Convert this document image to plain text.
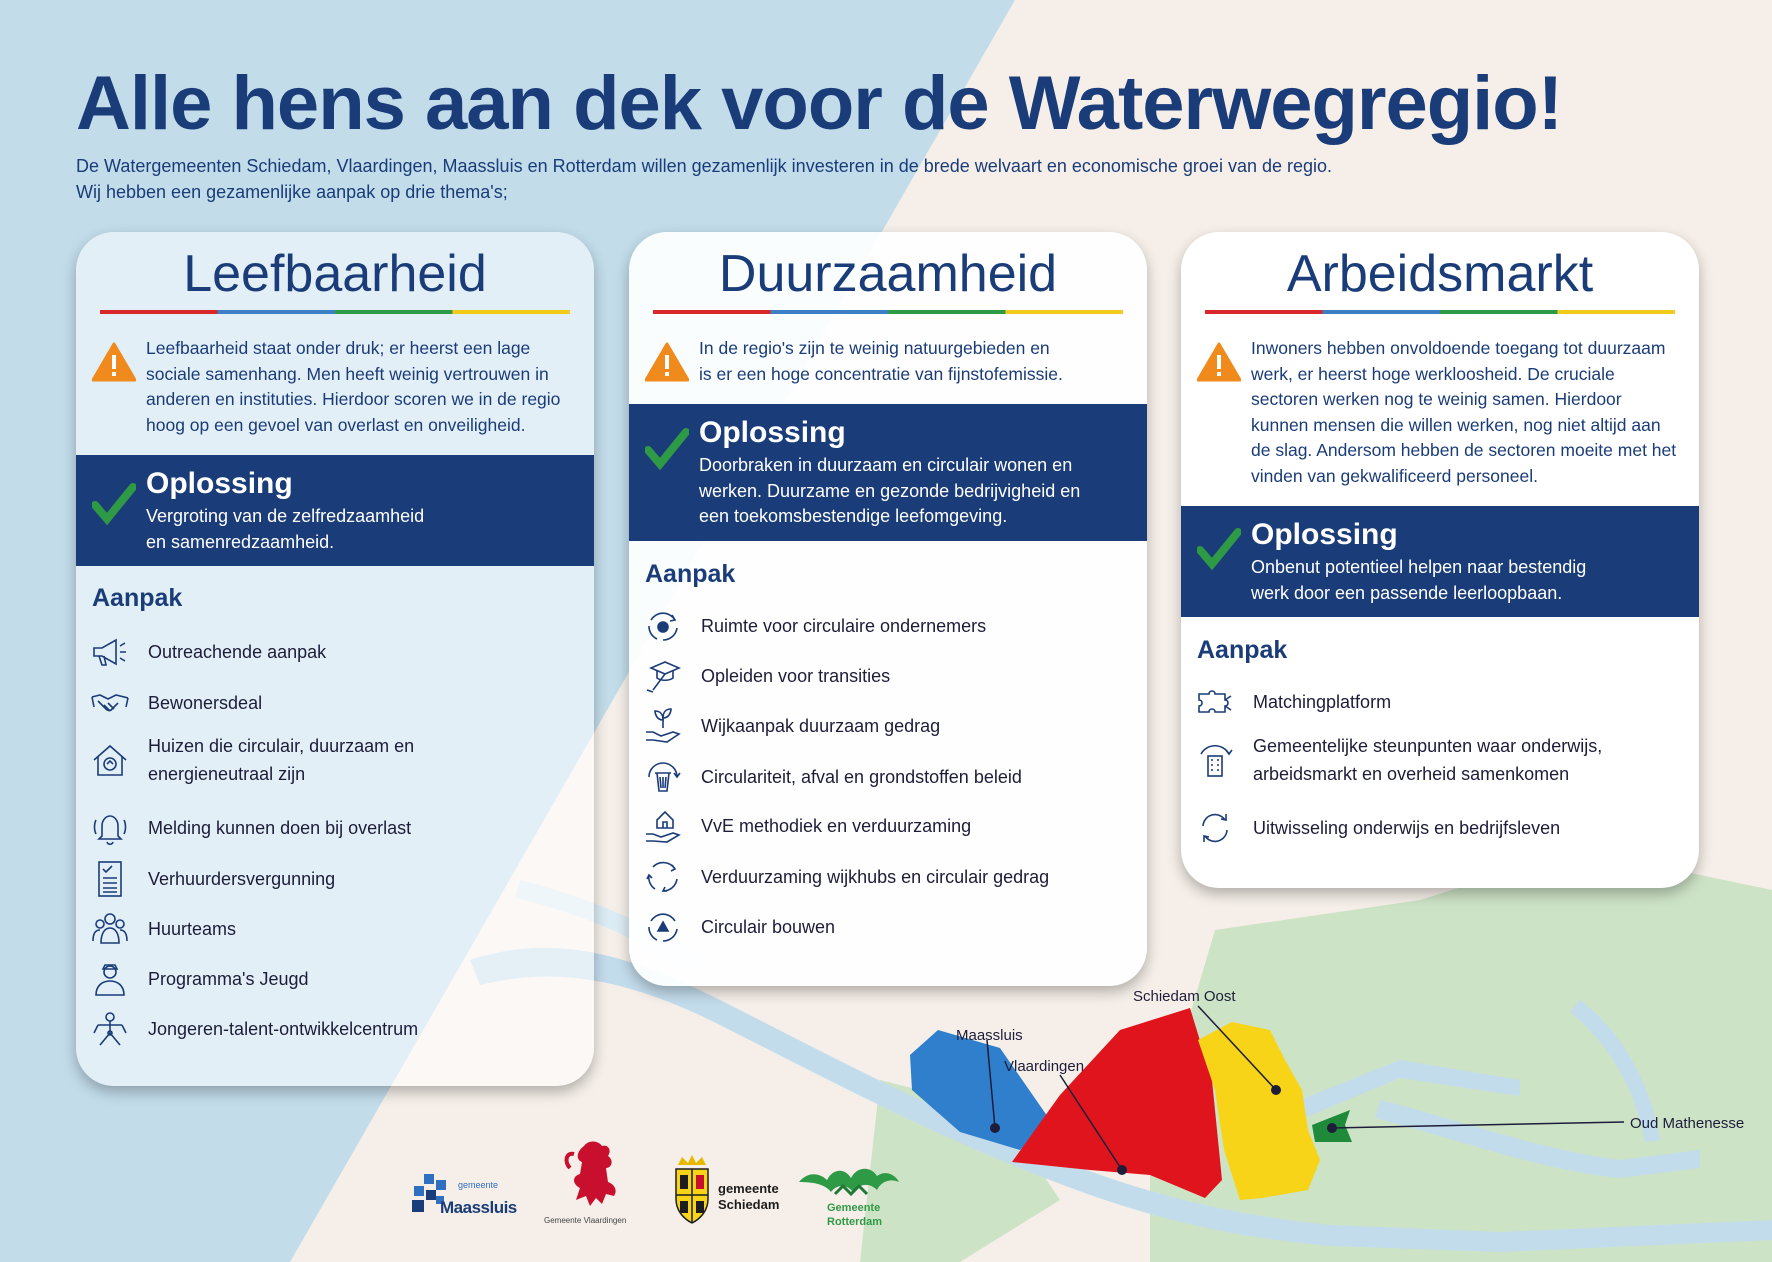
Alle hens aan dek voor de Waterwegregio!
De Watergemeenten Schiedam, Vlaardingen, Maassluis en Rotterdam willen gezamenlijk investeren in de brede welvaart en economische groei van de regio.
Wij hebben een gezamenlijke aanpak op drie thema's;
Leefbaarheid
Leefbaarheid staat onder druk; er heerst een lage
sociale samenhang. Men heeft weinig vertrouwen in
anderen en instituties. Hierdoor scoren we in de regio
hoog op een gevoel van overlast en onveiligheid.
Oplossing
Vergroting van de zelfredzaamheid
en samenredzaamheid.
Aanpak
Outreachende aanpak
Bewonersdeal
Huizen die circulair, duurzaam en
energieneutraal zijn
Melding kunnen doen bij overlast
Verhuurdersvergunning
Huurteams
Programma's Jeugd
Jongeren-talent-ontwikkelcentrum
Duurzaamheid
In de regio's zijn te weinig natuurgebieden en
is er een hoge concentratie van fijnstofemissie.
Oplossing
Doorbraken in duurzaam en circulair wonen en
werken. Duurzame en gezonde bedrijvigheid en
een toekomsbestendige leefomgeving.
Aanpak
Ruimte voor circulaire ondernemers
Opleiden voor transities
Wijkaanpak duurzaam gedrag
Circulariteit, afval en grondstoffen beleid
VvE methodiek en verduurzaming
Verduurzaming wijkhubs en circulair gedrag
Circulair bouwen
Arbeidsmarkt
Inwoners hebben onvoldoende toegang tot duurzaam
werk, er heerst hoge werkloosheid. De cruciale
sectoren werken nog te weinig samen. Hierdoor
kunnen mensen die willen werken, nog niet altijd aan
de slag. Andersom hebben de sectoren moeite met het
vinden van gekwalificeerd personeel.
Oplossing
Onbenut potentieel helpen naar bestendig
werk door een passende leerloopbaan.
Aanpak
Matchingplatform
Gemeentelijke steunpunten waar onderwijs,
arbeidsmarkt en overheid samenkomen
Uitwisseling onderwijs en bedrijfsleven
Maassluis
Vlaardingen
Schiedam Oost
Oud Mathenesse
gemeente
Maassluis
Gemeente Vlaardingen
gemeente
Schiedam	Gemeente
Rotterdam
